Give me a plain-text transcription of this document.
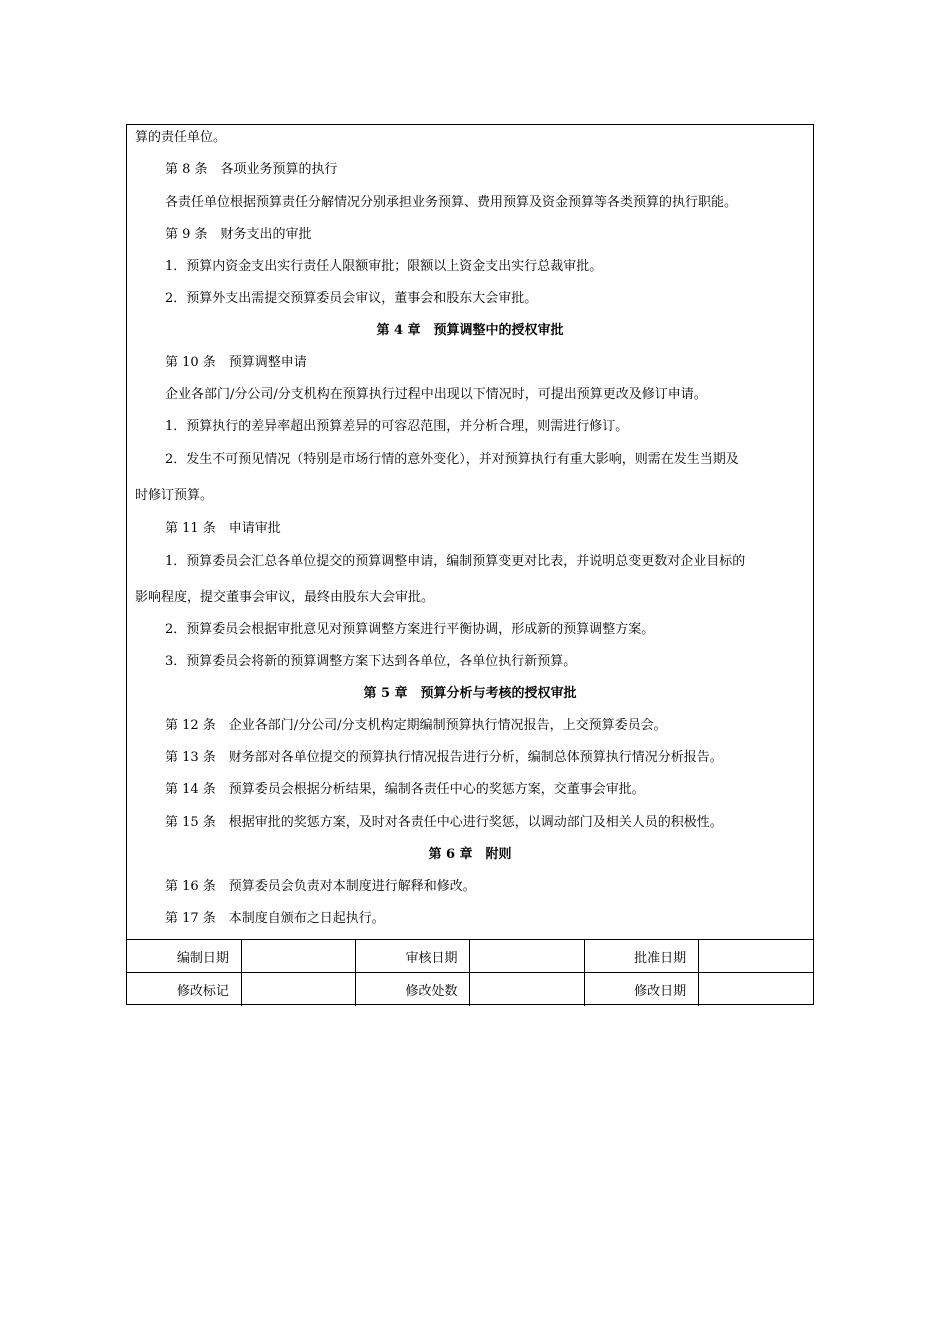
算的责任单位。
第 8 条　各项业务预算的执行
各责任单位根据预算责任分解情况分别承担业务预算、费用预算及资金预算等各类预算的执行职能。
第 9 条　财务支出的审批
1．预算内资金支出实行责任人限额审批；限额以上资金支出实行总裁审批。
2．预算外支出需提交预算委员会审议，董事会和股东大会审批。
第 4 章　预算调整中的授权审批
第 10 条　预算调整申请
企业各部门/分公司/分支机构在预算执行过程中出现以下情况时，可提出预算更改及修订申请。
1．预算执行的差异率超出预算差异的可容忍范围，并分析合理，则需进行修订。
2．发生不可预见情况（特别是市场行情的意外变化），并对预算执行有重大影响，则需在发生当期及
时修订预算。
第 11 条　申请审批
1．预算委员会汇总各单位提交的预算调整申请，编制预算变更对比表，并说明总变更数对企业目标的
影响程度，提交董事会审议，最终由股东大会审批。
2．预算委员会根据审批意见对预算调整方案进行平衡协调，形成新的预算调整方案。
3．预算委员会将新的预算调整方案下达到各单位，各单位执行新预算。
第 5 章　预算分析与考核的授权审批
第 12 条　企业各部门/分公司/分支机构定期编制预算执行情况报告，上交预算委员会。
第 13 条　财务部对各单位提交的预算执行情况报告进行分析，编制总体预算执行情况分析报告。
第 14 条　预算委员会根据分析结果，编制各责任中心的奖惩方案，交董事会审批。
第 15 条　根据审批的奖惩方案，及时对各责任中心进行奖惩，以调动部门及相关人员的积极性。
第 6 章　附则
第 16 条　预算委员会负责对本制度进行解释和修改。
第 17 条　本制度自颁布之日起执行。
编制日期		审核日期		批准日期	
修改标记		修改处数		修改日期	
